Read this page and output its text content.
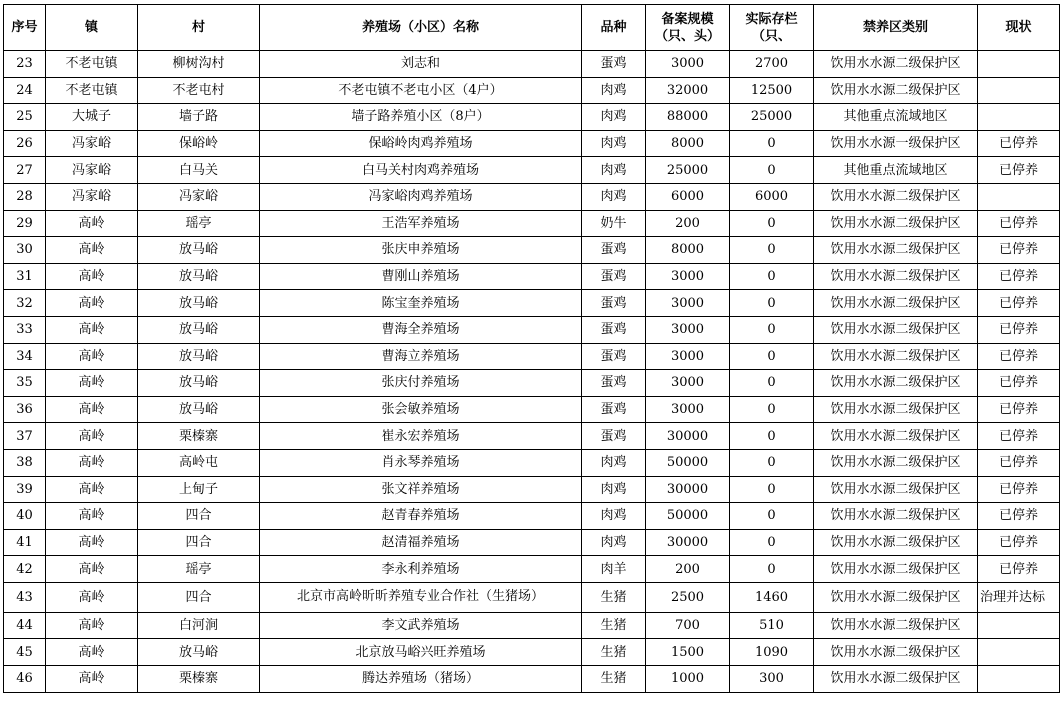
序号	镇	村	养殖场（小区）名称	品种	备案规模（只、头）	实际存栏（只、	禁养区类别	现状
23	不老屯镇	柳树沟村	刘志和	蛋鸡	3000	2700	饮用水水源二级保护区	
24	不老屯镇	不老屯村	不老屯镇不老屯小区（4户）	肉鸡	32000	12500	饮用水水源二级保护区	
25	大城子	墙子路	墙子路养殖小区（8户）	肉鸡	88000	25000	其他重点流域地区	
26	冯家峪	保峪岭	保峪岭肉鸡养殖场	肉鸡	8000	0	饮用水水源一级保护区	已停养
27	冯家峪	白马关	白马关村肉鸡养殖场	肉鸡	25000	0	其他重点流域地区	已停养
28	冯家峪	冯家峪	冯家峪肉鸡养殖场	肉鸡	6000	6000	饮用水水源二级保护区	
29	高岭	瑶亭	王浩军养殖场	奶牛	200	0	饮用水水源二级保护区	已停养
30	高岭	放马峪	张庆申养殖场	蛋鸡	8000	0	饮用水水源二级保护区	已停养
31	高岭	放马峪	曹刚山养殖场	蛋鸡	3000	0	饮用水水源二级保护区	已停养
32	高岭	放马峪	陈宝奎养殖场	蛋鸡	3000	0	饮用水水源二级保护区	已停养
33	高岭	放马峪	曹海全养殖场	蛋鸡	3000	0	饮用水水源二级保护区	已停养
34	高岭	放马峪	曹海立养殖场	蛋鸡	3000	0	饮用水水源二级保护区	已停养
35	高岭	放马峪	张庆付养殖场	蛋鸡	3000	0	饮用水水源二级保护区	已停养
36	高岭	放马峪	张会敏养殖场	蛋鸡	3000	0	饮用水水源二级保护区	已停养
37	高岭	栗榛寨	崔永宏养殖场	蛋鸡	30000	0	饮用水水源二级保护区	已停养
38	高岭	高岭屯	肖永琴养殖场	肉鸡	50000	0	饮用水水源二级保护区	已停养
39	高岭	上甸子	张文祥养殖场	肉鸡	30000	0	饮用水水源二级保护区	已停养
40	高岭	四合	赵青春养殖场	肉鸡	50000	0	饮用水水源二级保护区	已停养
41	高岭	四合	赵清福养殖场	肉鸡	30000	0	饮用水水源二级保护区	已停养
42	高岭	瑶亭	李永利养殖场	肉羊	200	0	饮用水水源二级保护区	已停养
43	高岭	四合	北京市高岭昕昕养殖专业合作社（生猪场）	生猪	2500	1460	饮用水水源二级保护区	治理并达标
44	高岭	白河涧	李文武养殖场	生猪	700	510	饮用水水源二级保护区	
45	高岭	放马峪	北京放马峪兴旺养殖场	生猪	1500	1090	饮用水水源二级保护区	
46	高岭	栗榛寨	腾达养殖场（猪场）	生猪	1000	300	饮用水水源二级保护区	
